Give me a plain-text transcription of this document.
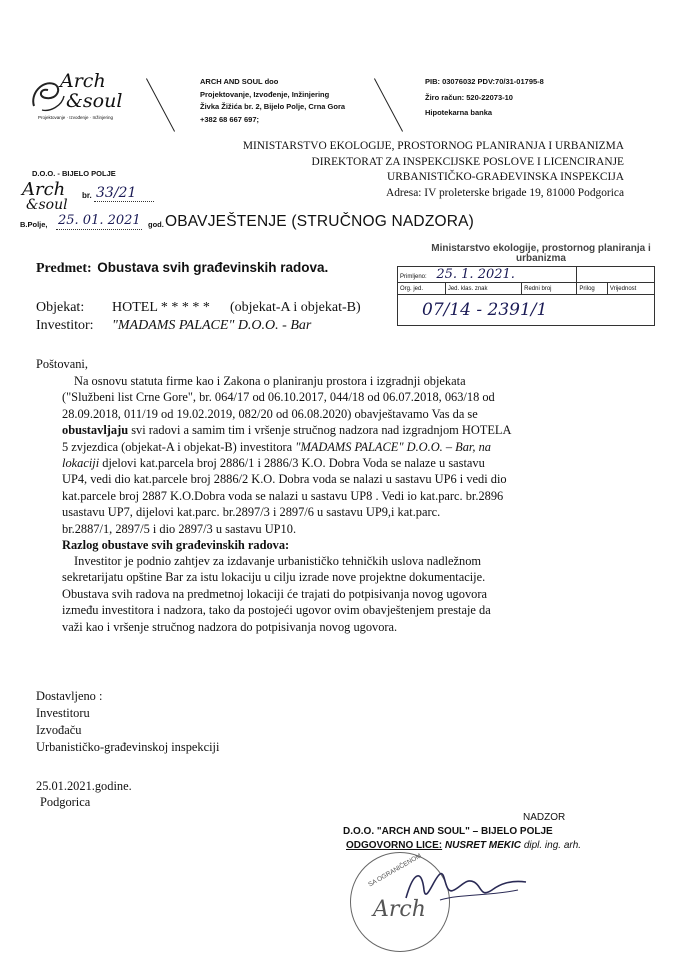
Arch
&soul
Projektovanje · Izvođenje · Inžinjering
ARCH AND SOUL doo
Projektovanje, Izvođenje, Inžinjering
Živka Žižića br. 2, Bijelo Polje, Crna Gora
+382 68 667 697;
PIB: 03076032 PDV:70/31-01795-8
Žiro račun: 520-22073-10
Hipotekarna banka
MINISTARSTVO EKOLOGIJE, PROSTORNOG PLANIRANJA I URBANIZMA
DIREKTORAT ZA INSPEKCIJSKE POSLOVE I LICENCIRANJE
URBANISTIČKO-GRAĐEVINSKA INSPEKCIJA
Adresa: IV proleterske brigade 19, 81000 Podgorica
D.O.O. - BIJELO POLJE
Arch
&soul
br. 33/21
B.Polje, 25. 01. 2021 god. OBAVJEŠTENJE (STRUČNOG NADZORA)
Ministarstvo ekologije, prostornog planiranja i urbanizma
Primljeno: 25. 1. 2021.				
Org. jed.	Jed. klas. znak	Redni broj	Prilog	Vrijednost
07/14 - 2391/1				
Predmet: Obustava svih građevinskih radova.
Objekat: HOTEL * * * * * (objekat-A i objekat-B)
Investitor: "MADAMS PALACE" D.O.O. - Bar
Poštovani,
Na osnovu statuta firme kao i Zakona o planiranju prostora i izgradnji objekata
("Službeni list Crne Gore", br. 064/17 od 06.10.2017, 044/18 od 06.07.2018, 063/18 od
28.09.2018, 011/19 od 19.02.2019, 082/20 od 06.08.2020) obavještavamo Vas da se
obustavljaju svi radovi a samim tim i vršenje stručnog nadzora nad izgradnjom HOTELA
5 zvjezdica (objekat-A i objekat-B) investitora "MADAMS PALACE" D.O.O. – Bar, na
lokaciji djelovi kat.parcela broj 2886/1 i 2886/3 K.O. Dobra Voda se nalaze u sastavu
UP4, vedi dio kat.parcele broj 2886/2 K.O. Dobra voda se nalazi u sastavu UP6 i vedi dio
kat.parcele broj 2887 K.O.Dobra voda se nalazi u sastavu UP8 . Vedi io kat.parc. br.2896
usastavu UP7, dijelovi kat.parc. br.2897/3 i 2897/6 u sastavu UP9,i kat.parc.
br.2887/1, 2897/5 i dio 2897/3 u sastavu UP10.
Razlog obustave svih građevinskih radova:
Investitor je podnio zahtjev za izdavanje urbanističko tehničkih uslova nadležnom
sekretarijatu opštine Bar za istu lokaciju u cilju izrade nove projektne dokumentacije.
Obustava svih radova na predmetnoj lokaciji će trajati do potpisivanja novog ugovora
između investitora i nadzora, tako da postojeći ugovor ovim obavještenjem prestaje da
važi kao i vršenje stručnog nadzora do potpisivanja novog ugovora.
Dostavljeno :
Investitoru
Izvođaču
Urbanističko-građevinskoj inspekciji
25.01.2021.godine.
Podgorica
NADZOR
D.O.O. "ARCH AND SOUL" – BIJELO POLJE
ODGOVORNO LICE: NUSRET MEKIC dipl. ing. arh.
SA OGRANIČENOM
Arch
